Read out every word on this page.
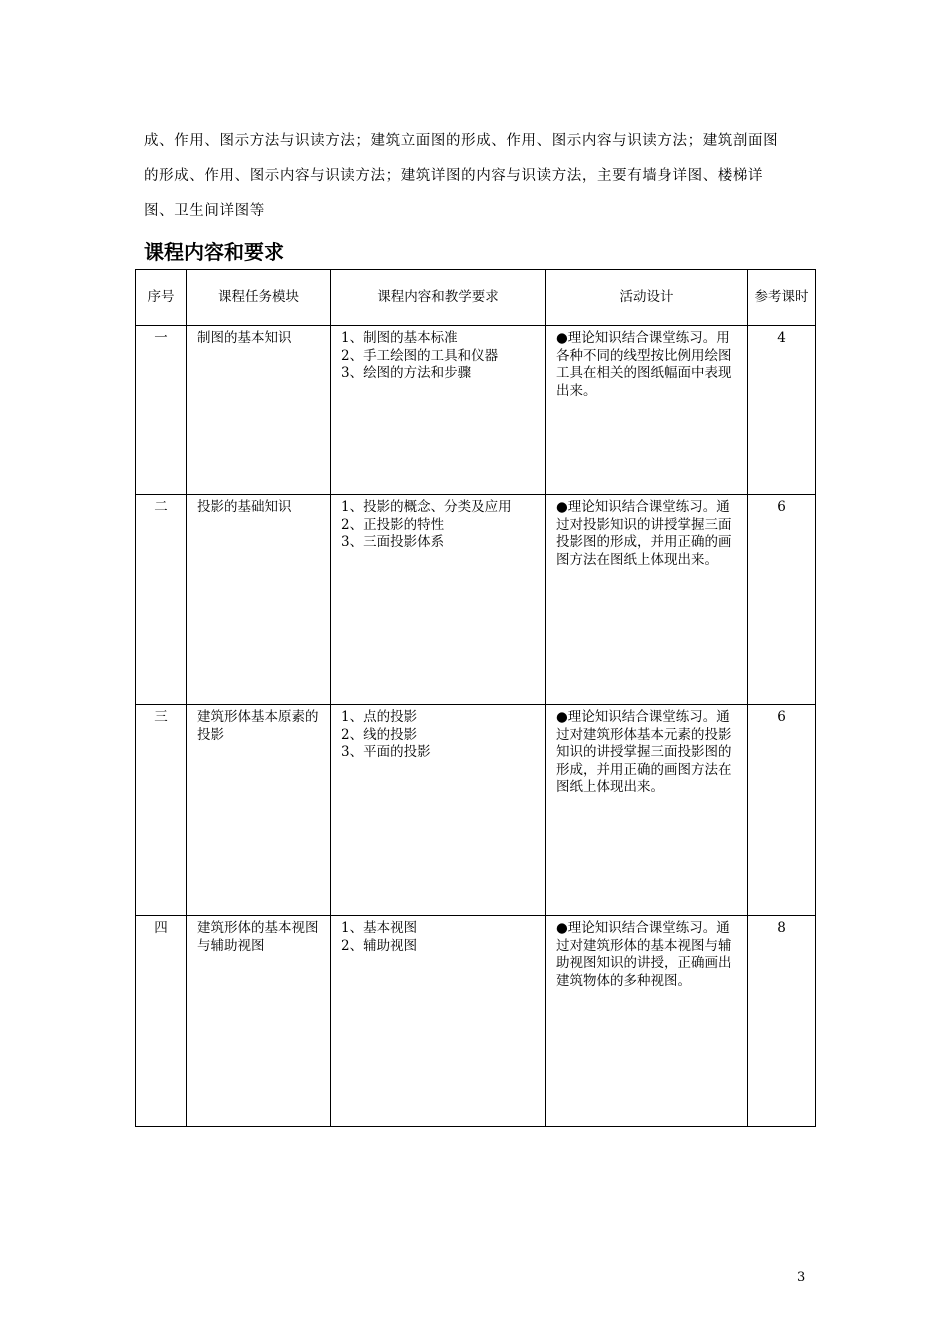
成、作用、图示方法与识读方法；建筑立面图的形成、作用、图示内容与识读方法；建筑剖面图

的形成、作用、图示内容与识读方法；建筑详图的内容与识读方法，主要有墙身详图、楼梯详

图、卫生间详图等

课程内容和要求
序号	课程任务模块	课程内容和教学要求	活动设计	参考课时
一	制图的基本知识	1、制图的基本标准
2、手工绘图的工具和仪器
3、绘图的方法和步骤	●理论知识结合课堂练习。用各种不同的线型按比例用绘图工具在相关的图纸幅面中表现出来。	4
二	投影的基础知识	1、投影的概念、分类及应用
2、正投影的特性
3、三面投影体系	●理论知识结合课堂练习。通过对投影知识的讲授掌握三面投影图的形成，并用正确的画图方法在图纸上体现出来。	6
三	建筑形体基本原素的投影	1、点的投影
2、线的投影
3、平面的投影	●理论知识结合课堂练习。通过对建筑形体基本元素的投影知识的讲授掌握三面投影图的形成，并用正确的画图方法在图纸上体现出来。	6
四	建筑形体的基本视图与辅助视图	1、基本视图
2、辅助视图	●理论知识结合课堂练习。通过对建筑形体的基本视图与辅助视图知识的讲授，正确画出建筑物体的多种视图。	8
3
